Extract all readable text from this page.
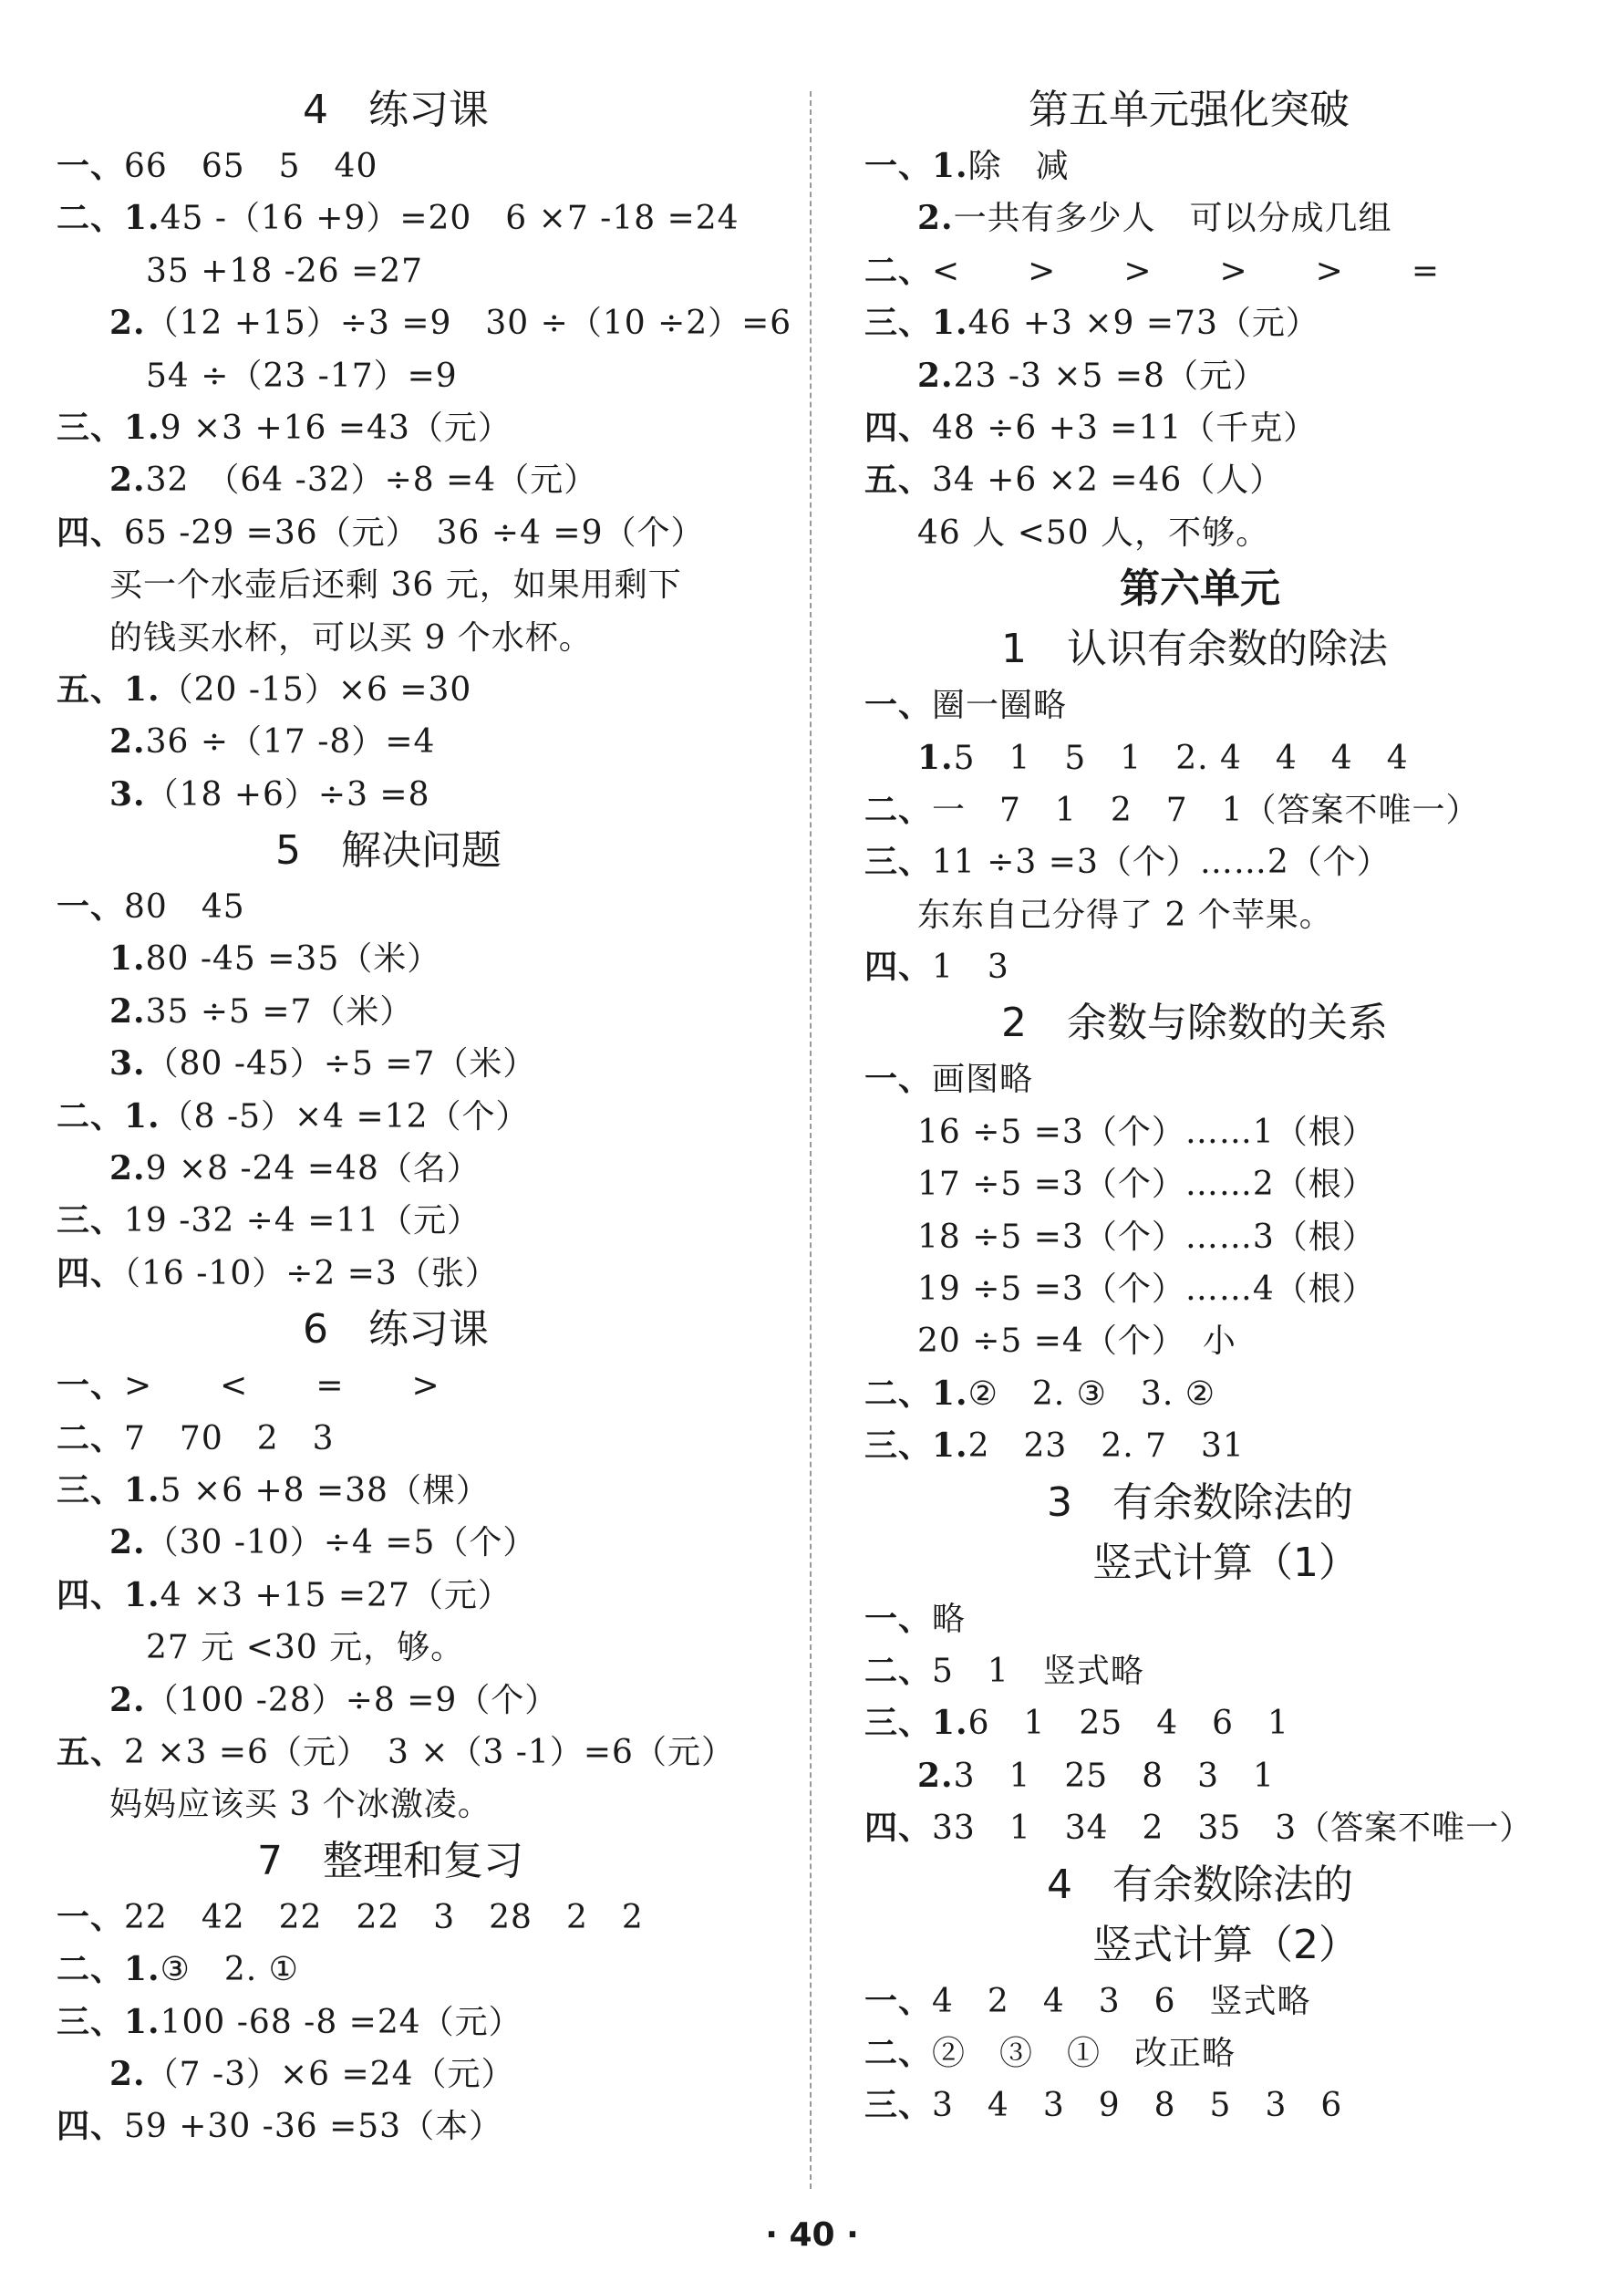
4　练习课
一、66　65　5　40
二、1.45 -（16 +9）=20　6 ×7 -18 =24
35 +18 -26 =27
2.（12 +15）÷3 =9　30 ÷（10 ÷2）=6
54 ÷（23 -17）=9
三、1.9 ×3 +16 =43（元）
2.32　（64 -32）÷8 =4（元）
四、65 -29 =36（元）　36 ÷4 =9（个）
买一个水壶后还剩 36 元，如果用剩下
的钱买水杯，可以买 9 个水杯。
五、1.（20 -15）×6 =30
2.36 ÷（17 -8）=4
3.（18 +6）÷3 =8
5　解决问题
一、80　45
1.80 -45 =35（米）
2.35 ÷5 =7（米）
3.（80 -45）÷5 =7（米）
二、1.（8 -5）×4 =12（个）
2.9 ×8 -24 =48（名）
三、19 -32 ÷4 =11（元）
四、（16 -10）÷2 =3（张）
6　练习课
一、>　　<　　=　　>
二、7　70　2　3
三、1.5 ×6 +8 =38（棵）
2.（30 -10）÷4 =5（个）
四、1.4 ×3 +15 =27（元）
27 元 <30 元，够。
2.（100 -28）÷8 =9（个）
五、2 ×3 =6（元）　3 ×（3 -1）=6（元）
妈妈应该买 3 个冰激凌。
7　整理和复习
一、22　42　22　22　3　28　2　2
二、1.③　2. ①
三、1.100 -68 -8 =24（元）
2.（7 -3）×6 =24（元）
四、59 +30 -36 =53（本）
第五单元强化突破
一、1.除　减
2.一共有多少人　可以分成几组
二、<　　>　　>　　>　　>　　=
三、1.46 +3 ×9 =73（元）
2.23 -3 ×5 =8（元）
四、48 ÷6 +3 =11（千克）
五、34 +6 ×2 =46（人）
46 人 <50 人，不够。
第六单元
1　认识有余数的除法
一、圈一圈略
1.5　1　5　1　2. 4　4　4　4
二、一　7　1　2　7　1（答案不唯一）
三、11 ÷3 =3（个）……2（个）
东东自己分得了 2 个苹果。
四、1　3
2　余数与除数的关系
一、画图略
16 ÷5 =3（个）……1（根）
17 ÷5 =3（个）……2（根）
18 ÷5 =3（个）……3（根）
19 ÷5 =3（个）……4（根）
20 ÷5 =4（个）　小
二、1.②　2. ③　3. ②
三、1.2　23　2. 7　31
3　有余数除法的
竖式计算（1）
一、略
二、5　1　竖式略
三、1.6　1　25　4　6　1
2.3　1　25　8　3　1
四、33　1　34　2　35　3（答案不唯一）
4　有余数除法的
竖式计算（2）
一、4　2　4　3　6　竖式略
二、②　③　①　改正略
三、3　4　3　9　8　5　3　6
· 40 ·
